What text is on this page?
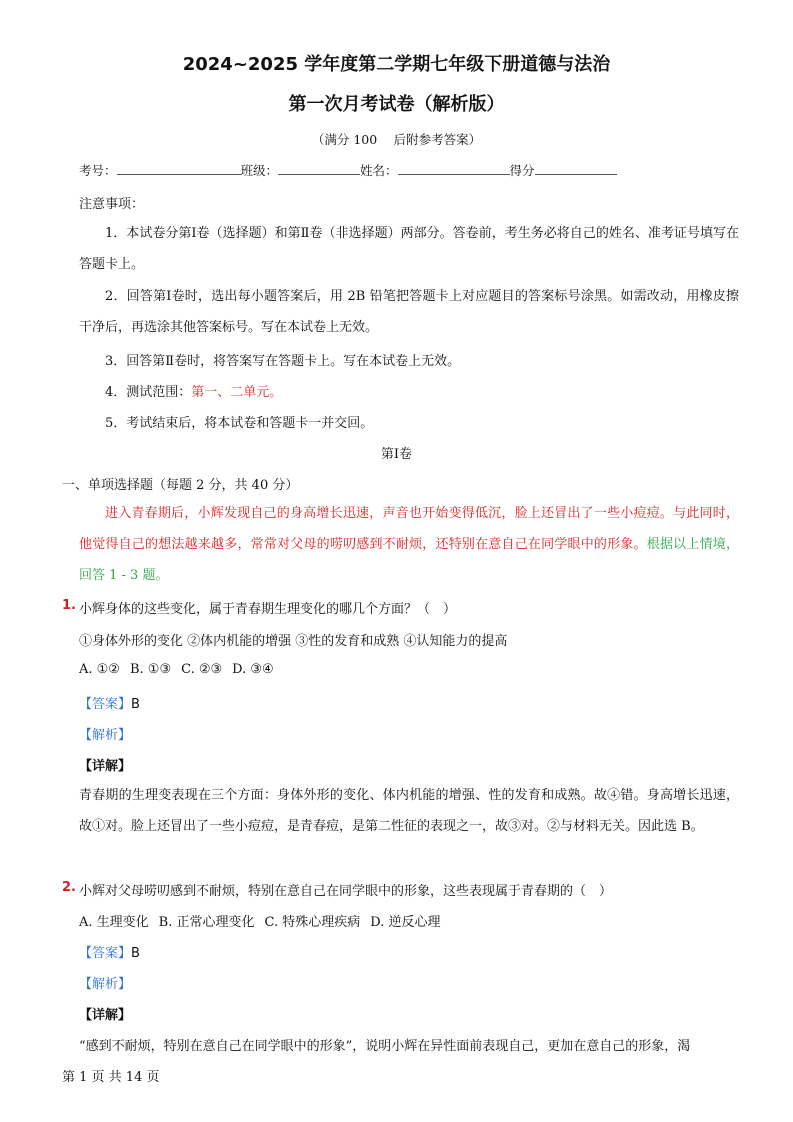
2024~2025 学年度第二学期七年级下册道德与法治
第一次月考试卷（解析版）
（满分 100　 后附参考答案）
考号：	班级：	姓名：	得分
注意事项：
1．本试卷分第Ⅰ卷（选择题）和第Ⅱ卷（非选择题）两部分。答卷前，考生务必将自己的姓名、准考证号填写在答题卡上。
2．回答第Ⅰ卷时，选出每小题答案后，用 2B 铅笔把答题卡上对应题目的答案标号涂黑。如需改动，用橡皮擦干净后，再选涂其他答案标号。写在本试卷上无效。
3．回答第Ⅱ卷时，将答案写在答题卡上。写在本试卷上无效。
4．测试范围：第一、二单元。
5．考试结束后，将本试卷和答题卡一并交回。
第Ⅰ卷
一、单项选择题（每题 2 分，共 40 分）
进入青春期后，小辉发现自己的身高增长迅速，声音也开始变得低沉，脸上还冒出了一些小痘痘。与此同时，他觉得自己的想法越来越多，常常对父母的唠叨感到不耐烦，还特别在意自己在同学眼中的形象。根据以上情境，回答 1 - 3 题。
1. 小辉身体的这些变化，属于青春期生理变化的哪几个方面？（　）
①身体外形的变化 ②体内机能的增强 ③性的发育和成熟 ④认知能力的提高
A. ①② B. ①③ C. ②③ D. ③④
【答案】B
【解析】
【详解】
青春期的生理变表现在三个方面：身体外形的变化、体内机能的增强、性的发育和成熟。故④错。身高增长迅速，故①对。脸上还冒出了一些小痘痘，是青春痘，是第二性征的表现之一，故③对。②与材料无关。因此选 B。
2. 小辉对父母唠叨感到不耐烦，特别在意自己在同学眼中的形象，这些表现属于青春期的（　）
A. 生理变化 B. 正常心理变化 C. 特殊心理疾病 D. 逆反心理
【答案】B
【解析】
【详解】
“感到不耐烦，特别在意自己在同学眼中的形象”，说明小辉在异性面前表现自己，更加在意自己的形象，渴
第 1 页 共 14 页
